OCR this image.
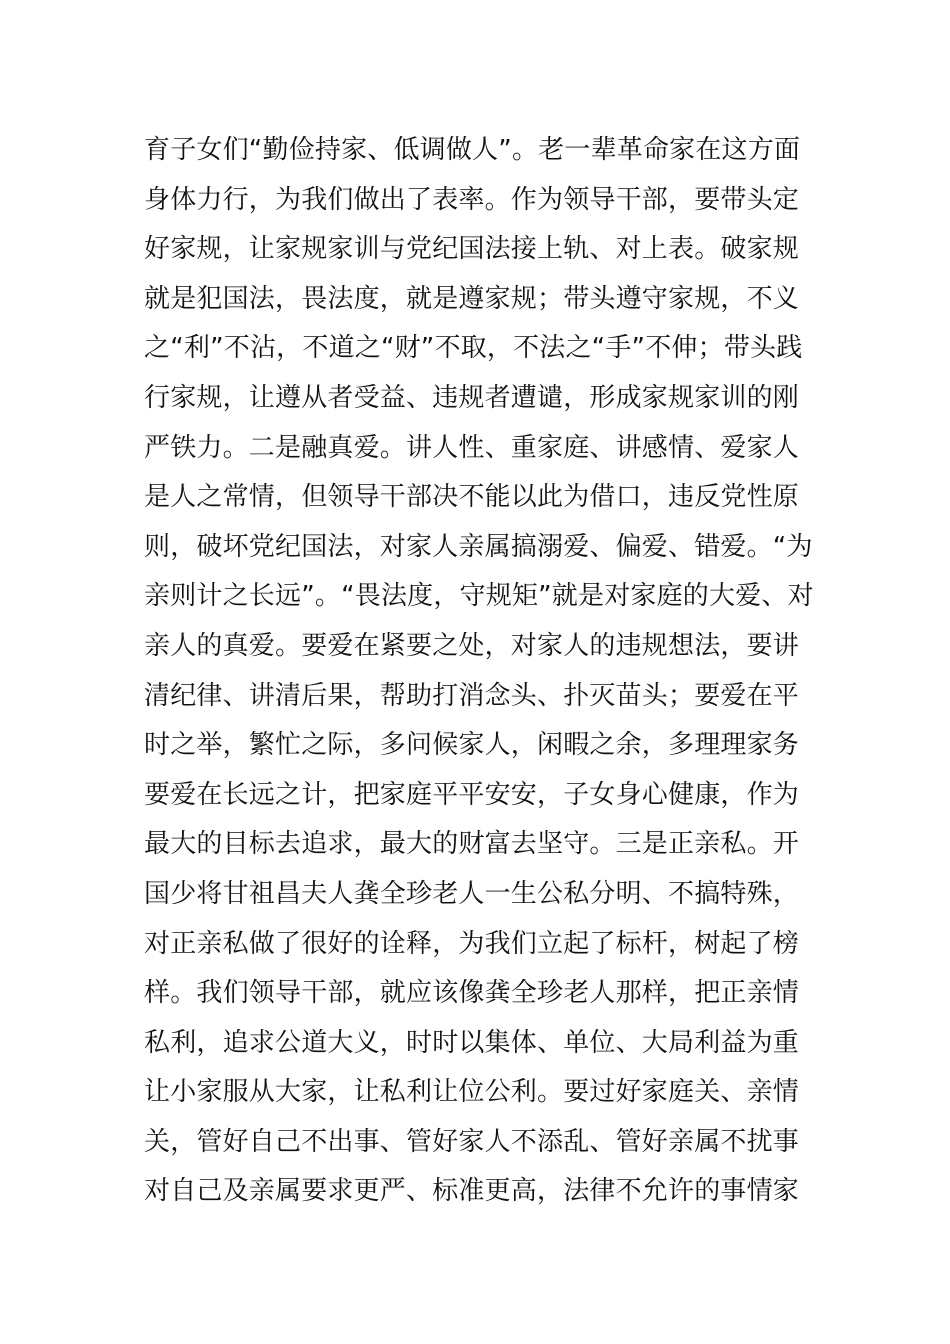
育子女们“勤俭持家、低调做人”。老一辈革命家在这方面
身体力行，为我们做出了表率。作为领导干部，要带头定
好家规，让家规家训与党纪国法接上轨、对上表。破家规
就是犯国法，畏法度，就是遵家规；带头遵守家规，不义
之“利”不沾，不道之“财”不取，不法之“手”不伸；带头践
行家规，让遵从者受益、违规者遭谴，形成家规家训的刚
严铁力。二是融真爱。讲人性、重家庭、讲感情、爱家人
是人之常情，但领导干部决不能以此为借口，违反党性原
则，破坏党纪国法，对家人亲属搞溺爱、偏爱、错爱。“为
亲则计之长远”。“畏法度，守规矩”就是对家庭的大爱、对
亲人的真爱。要爱在紧要之处，对家人的违规想法，要讲
清纪律、讲清后果，帮助打消念头、扑灭苗头；要爱在平
时之举，繁忙之际，多问候家人，闲暇之余，多理理家务
要爱在长远之计，把家庭平平安安，子女身心健康，作为
最大的目标去追求，最大的财富去坚守。三是正亲私。开
国少将甘祖昌夫人龚全珍老人一生公私分明、不搞特殊，
对正亲私做了很好的诠释，为我们立起了标杆，树起了榜
样。我们领导干部，就应该像龚全珍老人那样，把正亲情
私利，追求公道大义，时时以集体、单位、大局利益为重
让小家服从大家，让私利让位公利。要过好家庭关、亲情
关，管好自己不出事、管好家人不添乱、管好亲属不扰事
对自己及亲属要求更严、标准更高，法律不允许的事情家
